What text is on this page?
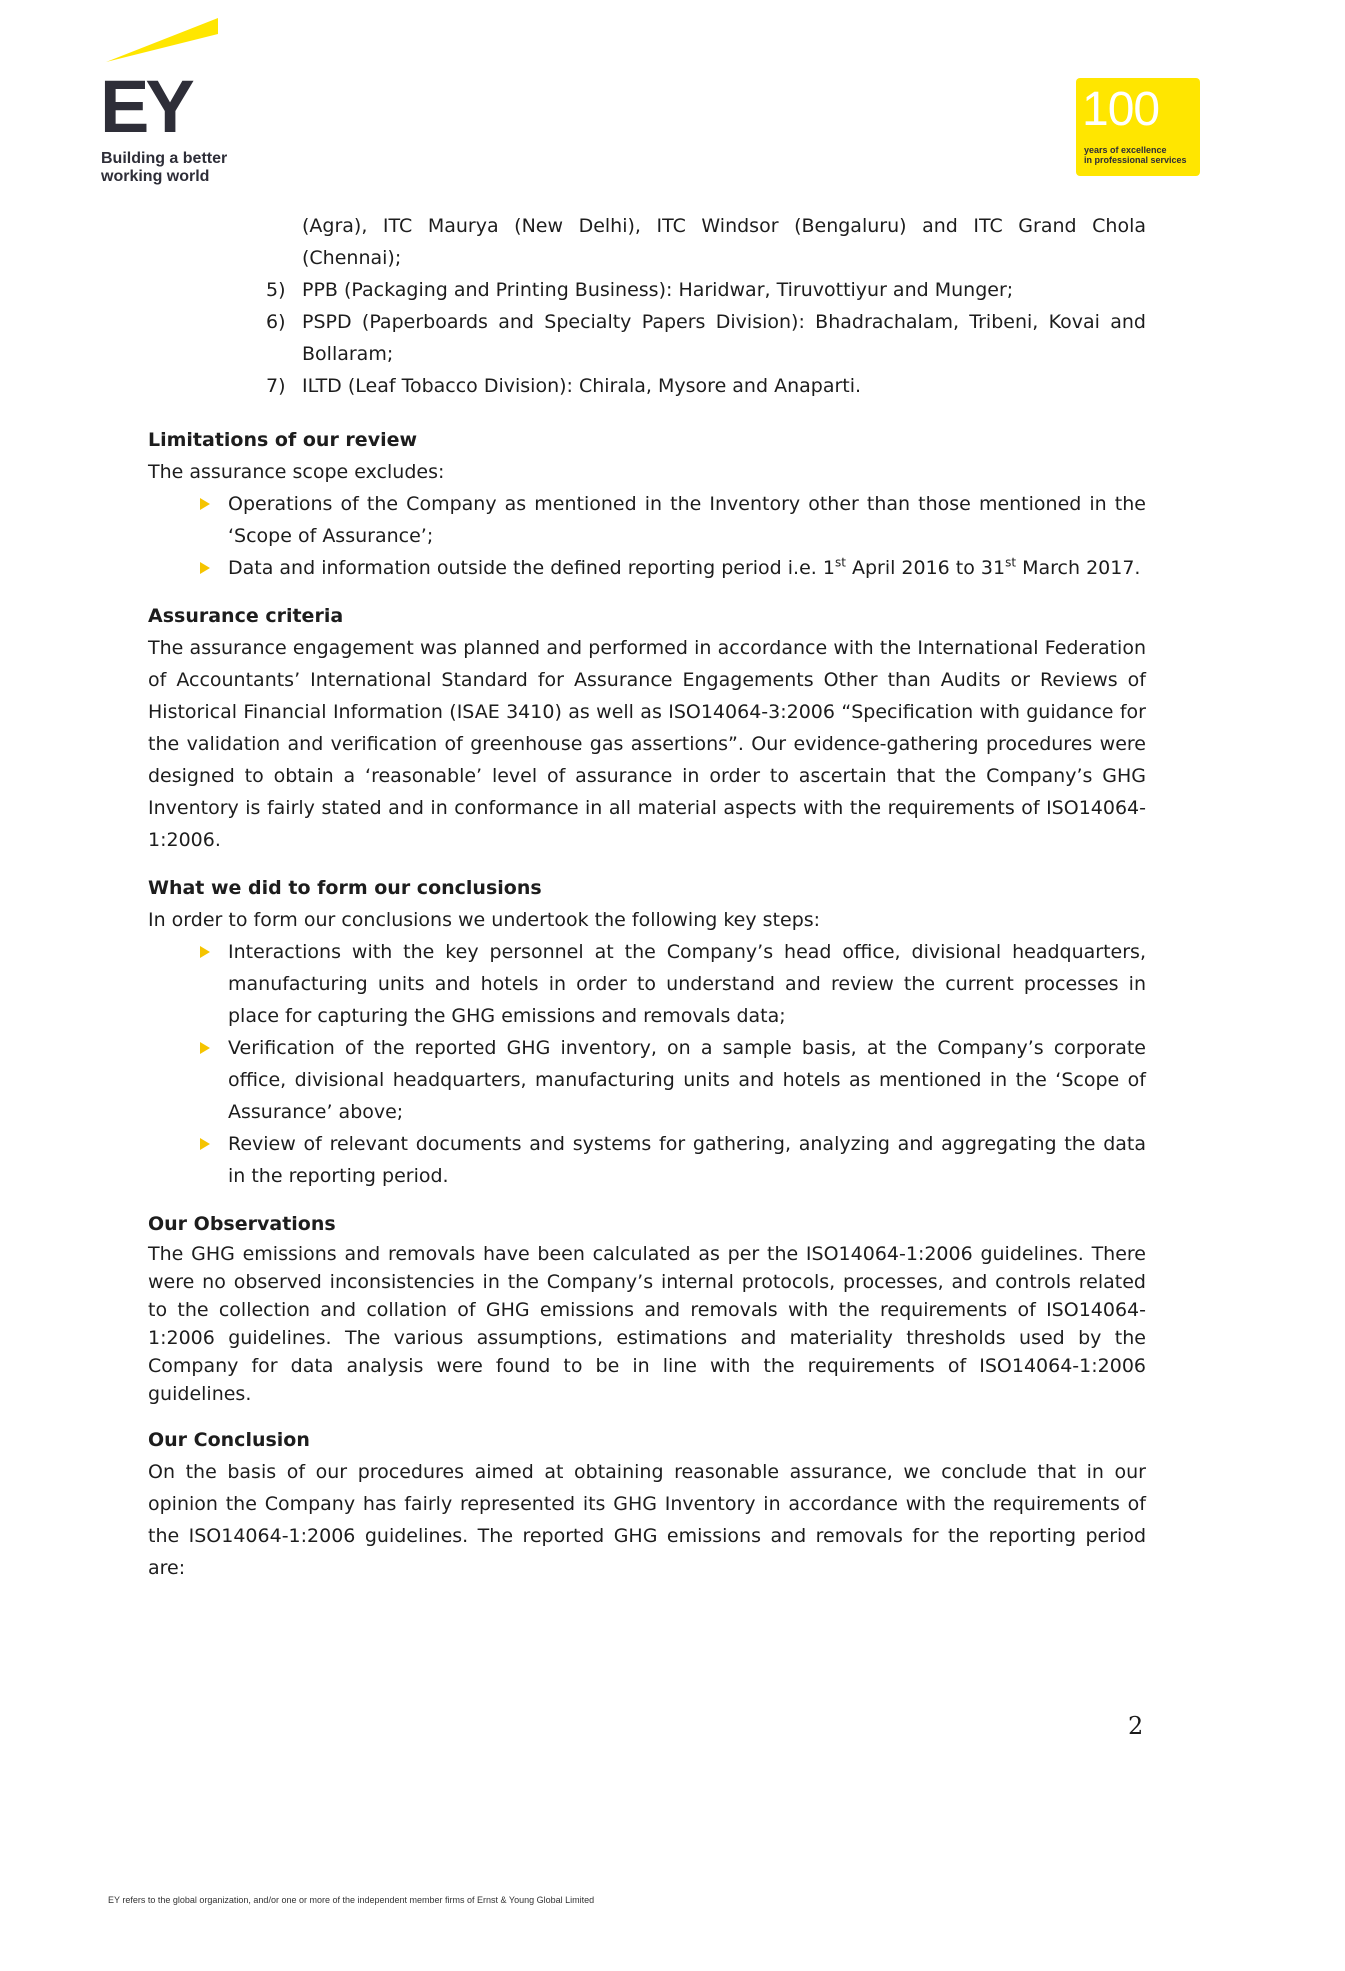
EY
Building a better
working world
100
years of excellence
in professional services
(Agra), ITC Maurya (New Delhi), ITC Windsor (Bengaluru) and ITC Grand Chola (Chennai);
5) PPB (Packaging and Printing Business): Haridwar, Tiruvottiyur and Munger;
6) PSPD (Paperboards and Specialty Papers Division): Bhadrachalam, Tribeni, Kovai and Bollaram;
7) ILTD (Leaf Tobacco Division): Chirala, Mysore and Anaparti.
Limitations of our review

The assurance scope excludes:

Operations of the Company as mentioned in the Inventory other than those mentioned in the ‘Scope of Assurance’;
Data and information outside the defined reporting period i.e. 1st April 2016 to 31st March 2017.
Assurance criteria

The assurance engagement was planned and performed in accordance with the International Federation of Accountants’ International Standard for Assurance Engagements Other than Audits or Reviews of Historical Financial Information (ISAE 3410) as well as ISO14064-3:2006 “Specification with guidance for the validation and verification of greenhouse gas assertions”. Our evidence-gathering procedures were designed to obtain a ‘reasonable’ level of assurance in order to ascertain that the Company’s GHG Inventory is fairly stated and in conformance in all material aspects with the requirements of ISO14064-1:2006.

What we did to form our conclusions

In order to form our conclusions we undertook the following key steps:

Interactions with the key personnel at the Company’s head office, divisional headquarters, manufacturing units and hotels in order to understand and review the current processes in place for capturing the GHG emissions and removals data;
Verification of the reported GHG inventory, on a sample basis, at the Company’s corporate office, divisional headquarters, manufacturing units and hotels as mentioned in the ‘Scope of Assurance’ above;
Review of relevant documents and systems for gathering, analyzing and aggregating the data in the reporting period.
Our Observations

The GHG emissions and removals have been calculated as per the ISO14064-1:2006 guidelines. There were no observed inconsistencies in the Company’s internal protocols, processes, and controls related to the collection and collation of GHG emissions and removals with the requirements of ISO14064-1:2006 guidelines. The various assumptions, estimations and materiality thresholds used by the Company for data analysis were found to be in line with the requirements of ISO14064-1:2006 guidelines.

Our Conclusion

On the basis of our procedures aimed at obtaining reasonable assurance, we conclude that in our opinion the Company has fairly represented its GHG Inventory in accordance with the requirements of the ISO14064-1:2006 guidelines. The reported GHG emissions and removals for the reporting period are:

2
EY refers to the global organization, and/or one or more of the independent member firms of Ernst & Young Global Limited
